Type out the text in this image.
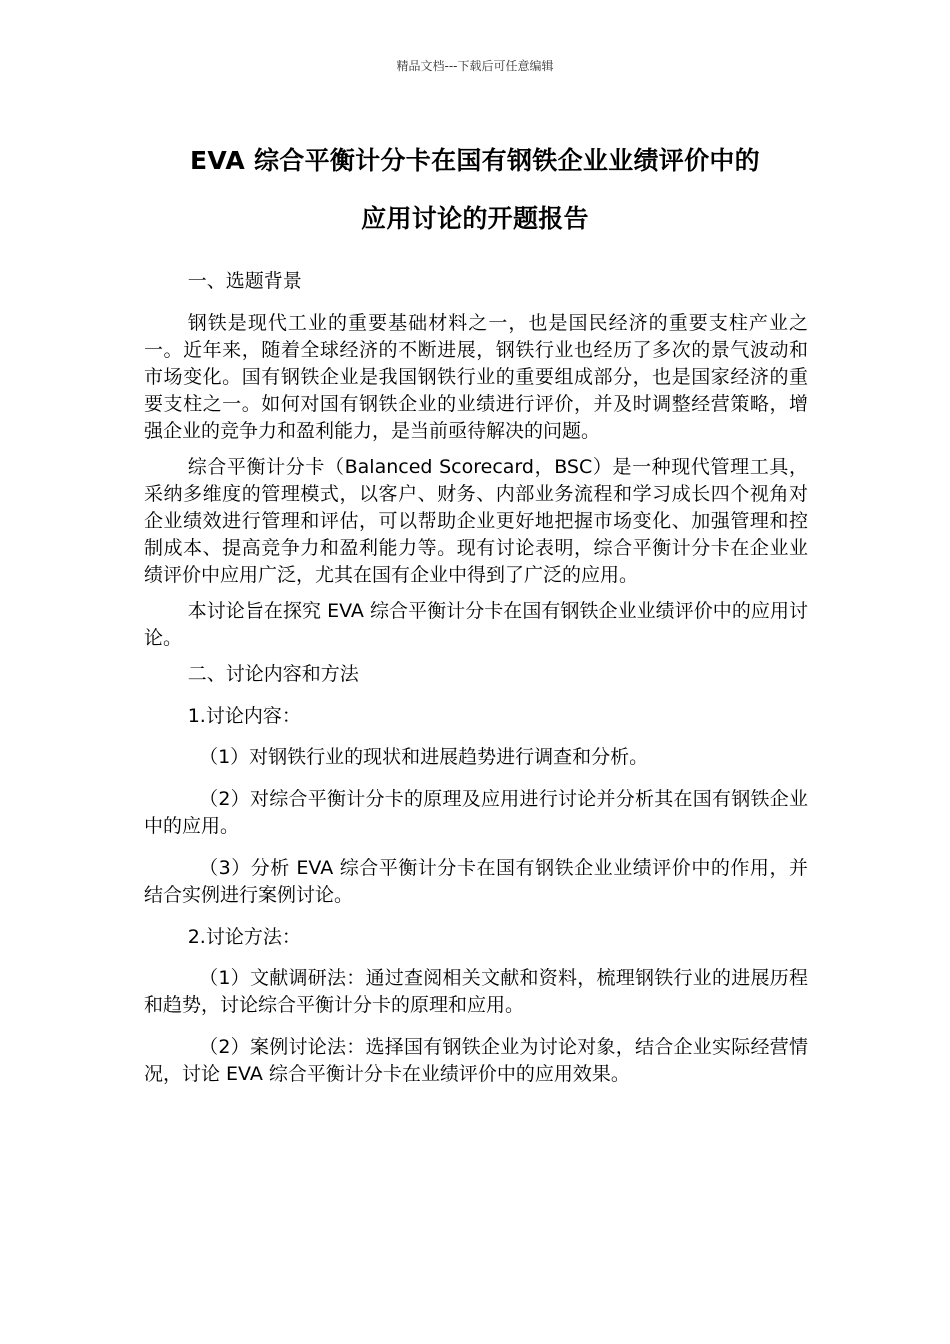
精品文档---下载后可任意编辑
EVA 综合平衡计分卡在国有钢铁企业业绩评价中的
应用讨论的开题报告

一、选题背景

钢铁是现代工业的重要基础材料之一，也是国民经济的重要支柱产业之一。近年来，随着全球经济的不断进展，钢铁行业也经历了多次的景气波动和市场变化。国有钢铁企业是我国钢铁行业的重要组成部分，也是国家经济的重要支柱之一。如何对国有钢铁企业的业绩进行评价，并及时调整经营策略，增强企业的竞争力和盈利能力，是当前亟待解决的问题。

综合平衡计分卡（Balanced Scorecard，BSC）是一种现代管理工具，采纳多维度的管理模式，以客户、财务、内部业务流程和学习成长四个视角对企业绩效进行管理和评估，可以帮助企业更好地把握市场变化、加强管理和控制成本、提高竞争力和盈利能力等。现有讨论表明，综合平衡计分卡在企业业绩评价中应用广泛，尤其在国有企业中得到了广泛的应用。

本讨论旨在探究 EVA 综合平衡计分卡在国有钢铁企业业绩评价中的应用讨论。

二、讨论内容和方法

1.讨论内容：

（1）对钢铁行业的现状和进展趋势进行调查和分析。

（2）对综合平衡计分卡的原理及应用进行讨论并分析其在国有钢铁企业中的应用。

（3）分析 EVA 综合平衡计分卡在国有钢铁企业业绩评价中的作用，并结合实例进行案例讨论。

2.讨论方法：

（1）文献调研法：通过查阅相关文献和资料，梳理钢铁行业的进展历程和趋势，讨论综合平衡计分卡的原理和应用。

（2）案例讨论法：选择国有钢铁企业为讨论对象，结合企业实际经营情况，讨论 EVA 综合平衡计分卡在业绩评价中的应用效果。
